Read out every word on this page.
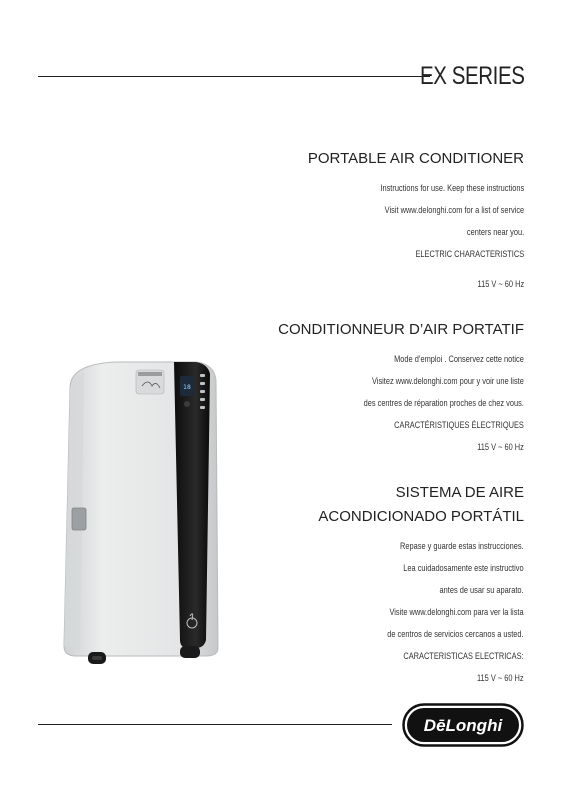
EX SERIES
PORTABLE AIR CONDITIONER
Instructions for use. Keep these instructions
Visit www.delonghi.com for a list of service
centers near you.
ELECTRIC CHARACTERISTICS
115 V ~ 60 Hz
CONDITIONNEUR D’AIR PORTATIF
Mode d’emploi . Conservez cette notice
Visitez www.delonghi.com pour y voir une liste
des centres de réparation proches de chez vous.
CARACTÉRISTIQUES ÉLECTRIQUES
115 V ~ 60 Hz
SISTEMA DE AIRE
ACONDICIONADO PORTÁTIL
Repase y guarde estas instrucciones.
Lea cuidadosamente este instructivo
antes de usar su aparato.
Visite www.delonghi.com para ver la lista
de centros de servicios cercanos a usted.
CARACTERISTICAS ELECTRICAS:
115 V ~ 60 Hz
18
DēLonghi
